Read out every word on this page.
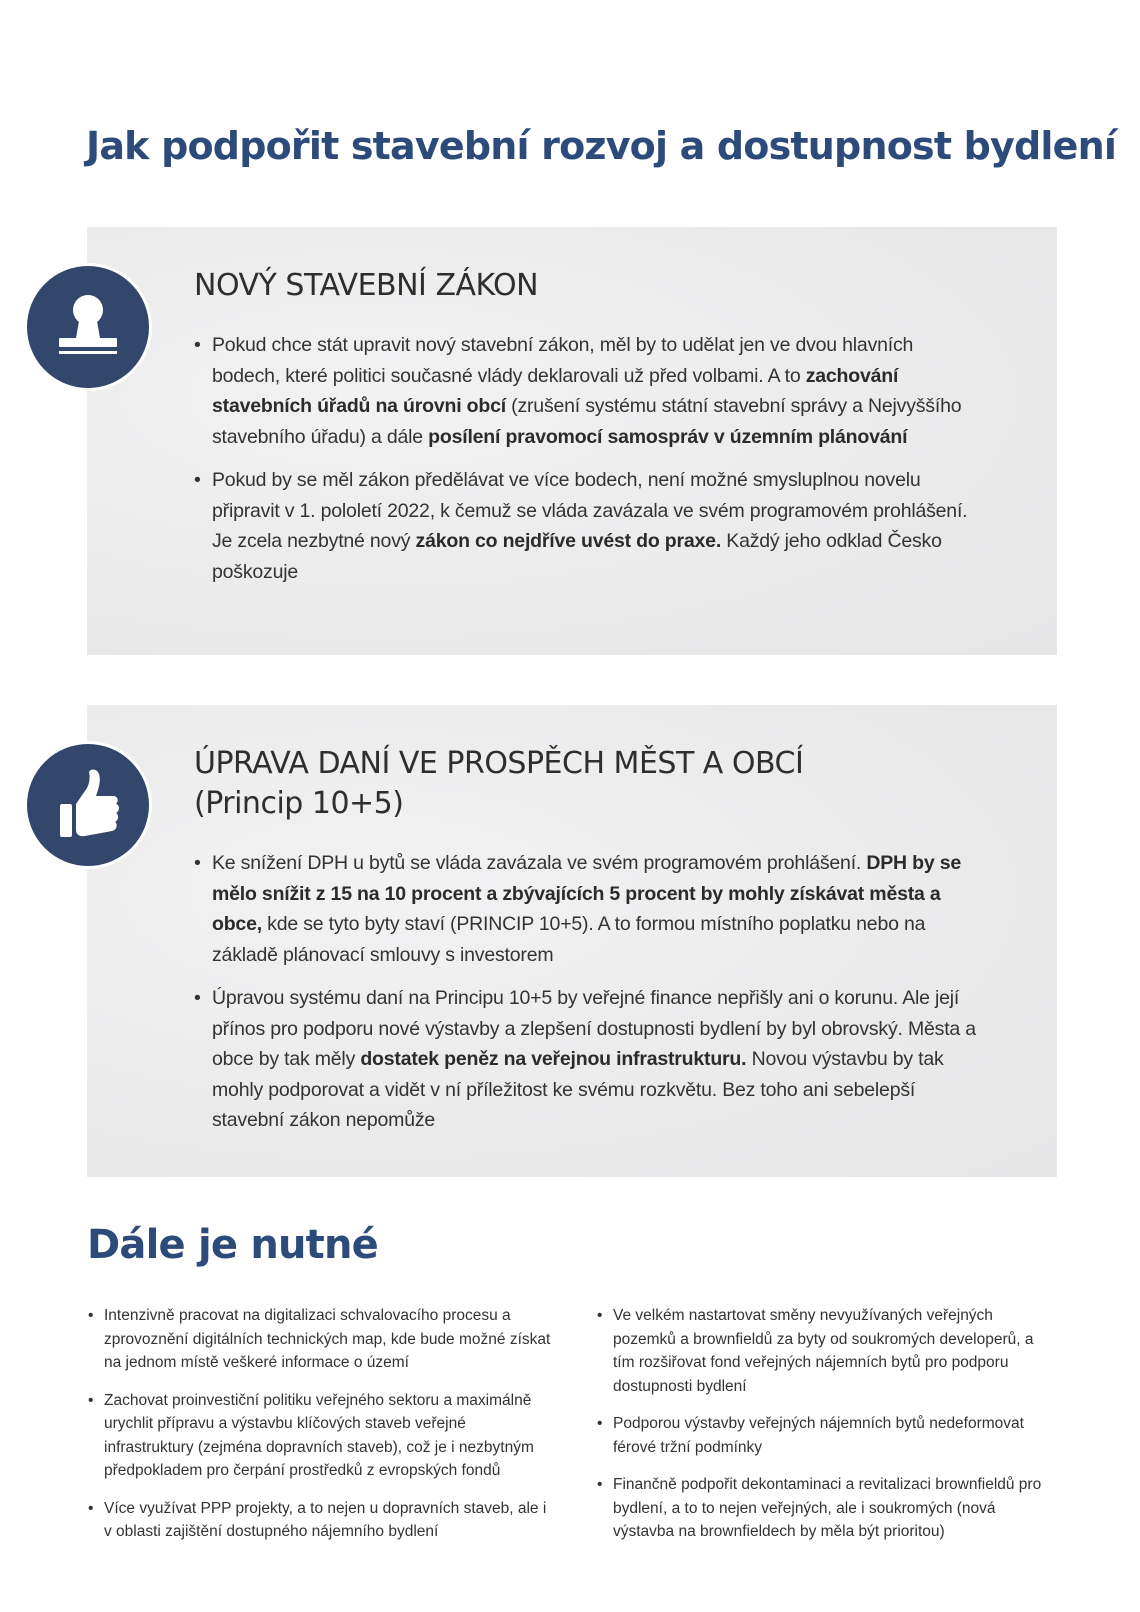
Jak podpořit stavební rozvoj a dostupnost bydlení
NOVÝ STAVEBNÍ ZÁKON
• Pokud chce stát upravit nový stavební zákon, měl by to udělat jen ve dvou hlavních bodech, které politici současné vlády deklarovali už před volbami. A to zachování stavebních úřadů na úrovni obcí (zrušení systému státní stavební správy a Nejvyššího stavebního úřadu) a dále posílení pravomocí samospráv v územním plánování
• Pokud by se měl zákon předělávat ve více bodech, není možné smysluplnou novelu připravit v 1. pololetí 2022, k čemuž se vláda zavázala ve svém programovém prohlášení. Je zcela nezbytné nový zákon co nejdříve uvést do praxe. Každý jeho odklad Česko poškozuje
ÚPRAVA DANÍ VE PROSPĚCH MĚST A OBCÍ
(Princip 10+5)
• Ke snížení DPH u bytů se vláda zavázala ve svém programovém prohlášení. DPH by se mělo snížit z 15 na 10 procent a zbývajících 5 procent by mohly získávat města a obce, kde se tyto byty staví (PRINCIP 10+5). A to formou místního poplatku nebo na základě plánovací smlouvy s investorem
• Úpravou systému daní na Principu 10+5 by veřejné finance nepřišly ani o korunu. Ale její přínos pro podporu nové výstavby a zlepšení dostupnosti bydlení by byl obrovský. Města a obce by tak měly dostatek peněz na veřejnou infrastrukturu. Novou výstavbu by tak mohly podporovat a vidět v ní příležitost ke svému rozkvětu. Bez toho ani sebelepší stavební zákon nepomůže
Dále je nutné
• Intenzivně pracovat na digitalizaci schvalovacího procesu a zprovoznění digitálních technických map, kde bude možné získat na jednom místě veškeré informace o území
• Zachovat proinvestiční politiku veřejného sektoru a maximálně urychlit přípravu a výstavbu klíčových staveb veřejné infrastruktury (zejména dopravních staveb), což je i nezbytným předpokladem pro čerpání prostředků z evropských fondů
• Více využívat PPP projekty, a to nejen u dopravních staveb, ale i v oblasti zajištění dostupného nájemního bydlení
• Ve velkém nastartovat směny nevyužívaných veřejných pozemků a brownfieldů za byty od soukromých developerů, a tím rozšiřovat fond veřejných nájemních bytů pro podporu dostupnosti bydlení
• Podporou výstavby veřejných nájemních bytů nedeformovat férové tržní podmínky
• Finančně podpořit dekontaminaci a revitalizaci brownfieldů pro bydlení, a to to nejen veřejných, ale i soukromých (nová výstavba na brownfieldech by měla být prioritou)
